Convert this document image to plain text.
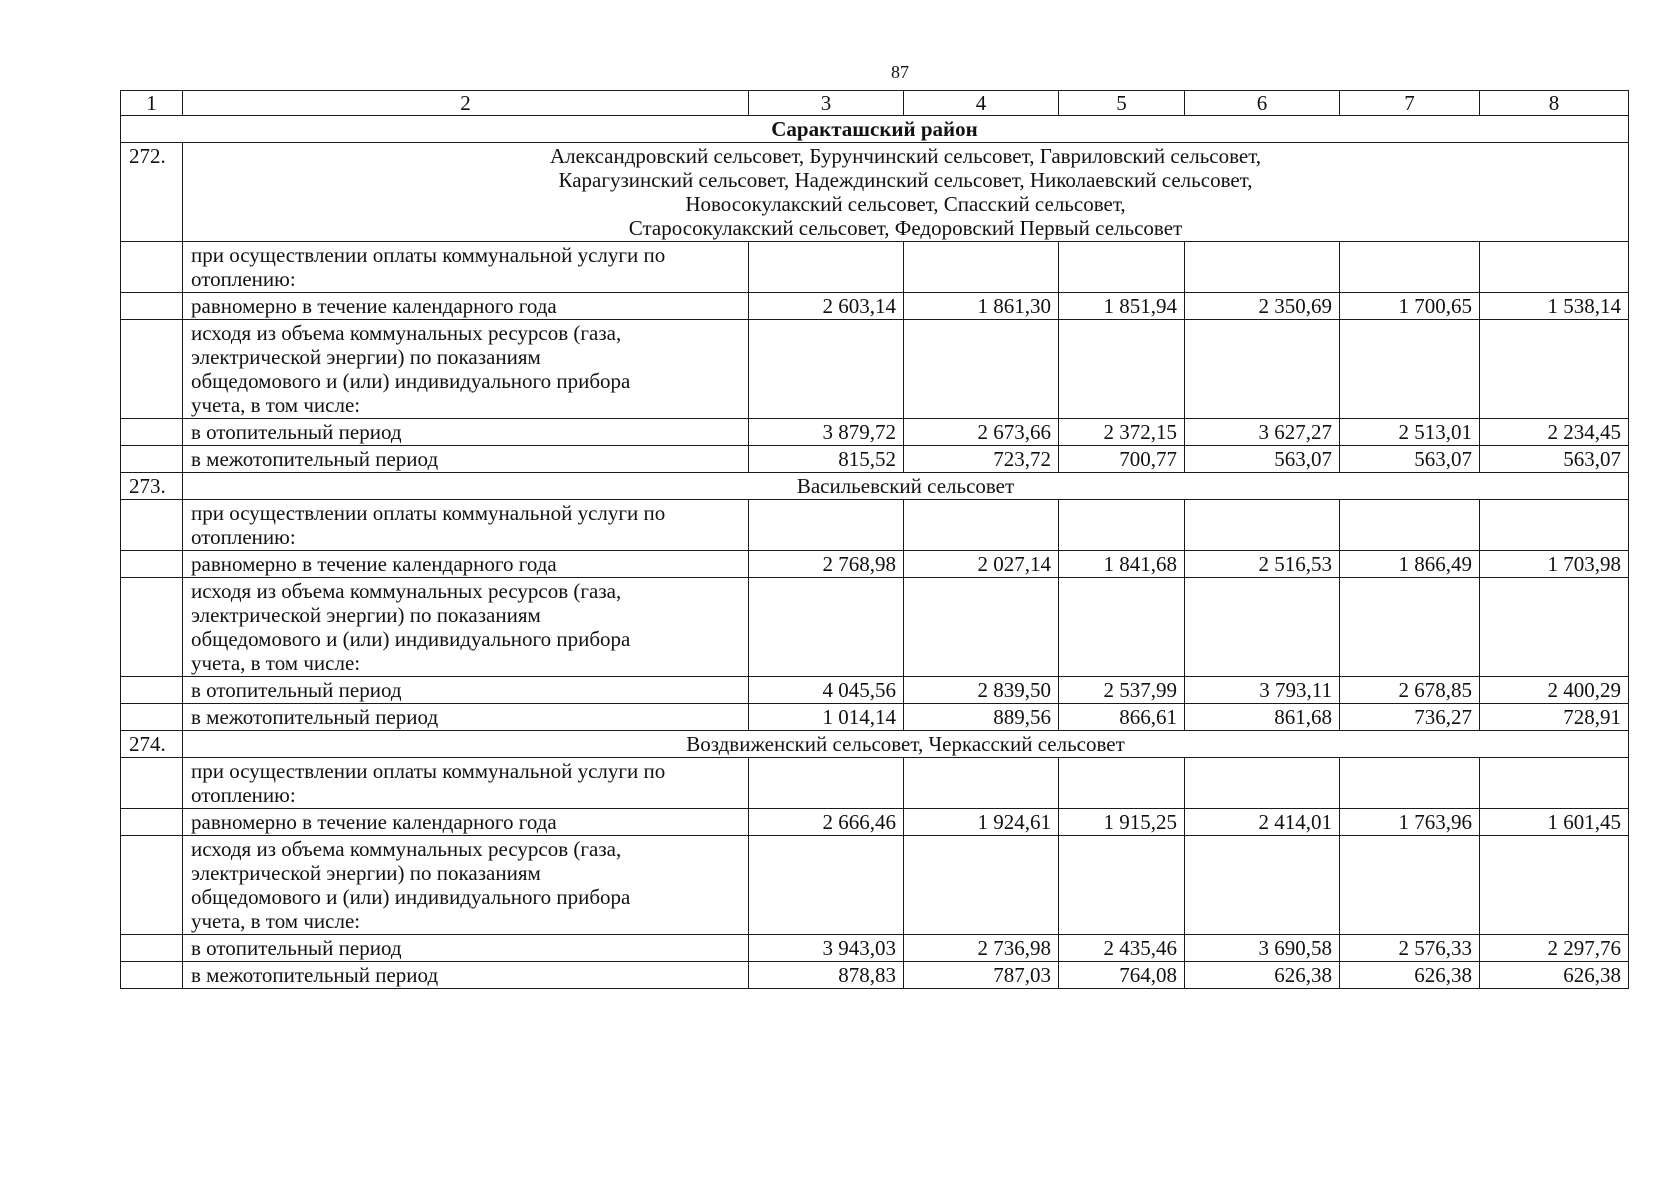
87
1	2	3	4	5	6	7	8
Саракташский район							
272.	Александровский сельсовет, Бурунчинский сельсовет, Гавриловский сельсовет,
Карагузинский сельсовет, Надеждинский сельсовет, Николаевский сельсовет,
Новосокулакский сельсовет, Спасский сельсовет,
Старосокулакский сельсовет, Федоровский Первый сельсовет						

	при осуществлении оплаты коммунальной услуги по
отоплению:						

	равномерно в течение календарного года	2 603,14	1 861,30	1 851,94	2 350,69	1 700,65	1 538,14

	исходя из объема коммунальных ресурсов (газа,
электрической энергии) по показаниям
общедомового и (или) индивидуального прибора
учета, в том числе:						

	в отопительный период	3 879,72	2 673,66	2 372,15	3 627,27	2 513,01	2 234,45

	в межотопительный период	815,52	723,72	700,77	563,07	563,07	563,07
273.	Васильевский сельсовет						

	при осуществлении оплаты коммунальной услуги по
отоплению:						

	равномерно в течение календарного года	2 768,98	2 027,14	1 841,68	2 516,53	1 866,49	1 703,98

	исходя из объема коммунальных ресурсов (газа,
электрической энергии) по показаниям
общедомового и (или) индивидуального прибора
учета, в том числе:						

	в отопительный период	4 045,56	2 839,50	2 537,99	3 793,11	2 678,85	2 400,29

	в межотопительный период	1 014,14	889,56	866,61	861,68	736,27	728,91
274.	Воздвиженский сельсовет, Черкасский сельсовет						

	при осуществлении оплаты коммунальной услуги по
отоплению:						

	равномерно в течение календарного года	2 666,46	1 924,61	1 915,25	2 414,01	1 763,96	1 601,45

	исходя из объема коммунальных ресурсов (газа,
электрической энергии) по показаниям
общедомового и (или) индивидуального прибора
учета, в том числе:						

	в отопительный период	3 943,03	2 736,98	2 435,46	3 690,58	2 576,33	2 297,76

	в межотопительный период	878,83	787,03	764,08	626,38	626,38	626,38
